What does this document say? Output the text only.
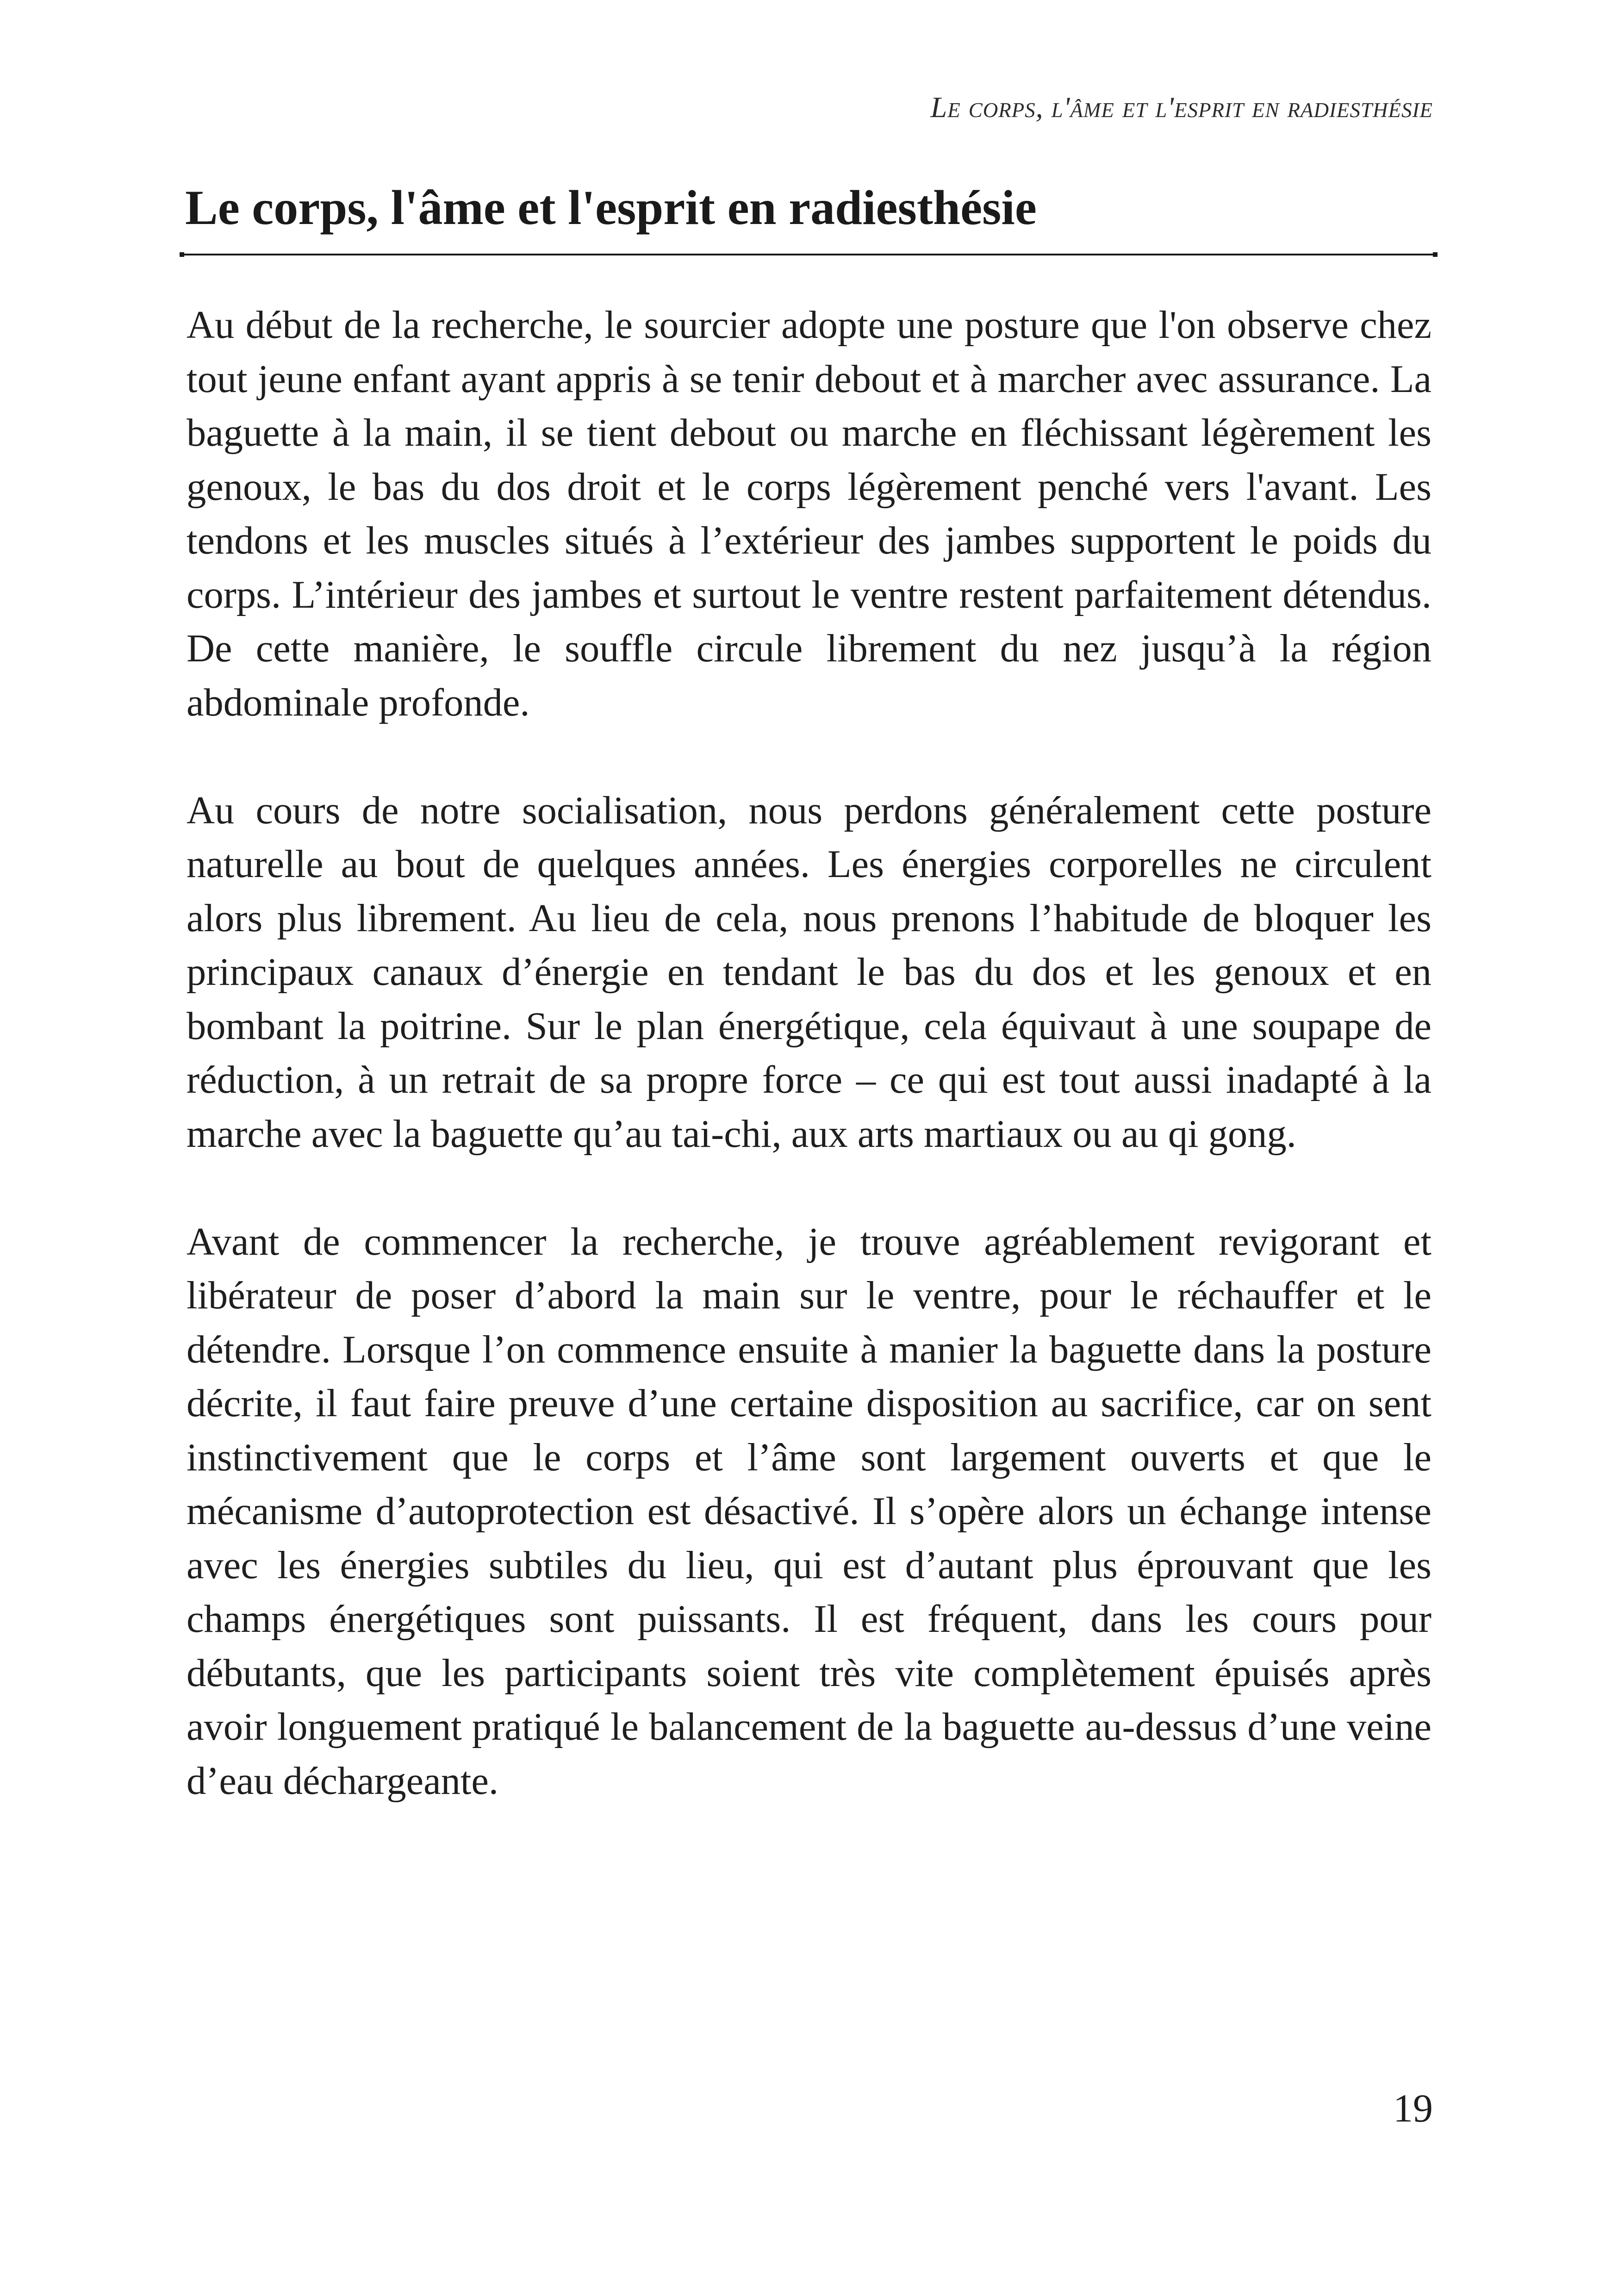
Le corps, l'âme et l'esprit en radiesthésie
Le corps, l'âme et l'esprit en radiesthésie

Au début de la recherche, le sourcier adopte une posture que l'on observe chez tout jeune enfant ayant appris à se tenir debout et à marcher avec assurance. La baguette à la main, il se tient debout ou marche en fléchissant légèrement les genoux, le bas du dos droit et le corps légèrement penché vers l'avant. Les tendons et les muscles situés à l’extérieur des jambes supportent le poids du corps. L’intérieur des jambes et surtout le ventre restent parfaitement détendus. De cette manière, le souffle circule librement du nez jusqu’à la région abdominale profonde.

Au cours de notre socialisation, nous perdons généralement cette posture naturelle au bout de quelques années. Les énergies corporelles ne circulent alors plus librement. Au lieu de cela, nous prenons l’habitude de bloquer les principaux canaux d’énergie en tendant le bas du dos et les genoux et en bombant la poitrine. Sur le plan énergétique, cela équivaut à une soupape de réduction, à un retrait de sa propre force – ce qui est tout aussi inadapté à la marche avec la baguette qu’au tai-chi, aux arts martiaux ou au qi gong.

Avant de commencer la recherche, je trouve agréablement revigorant et libérateur de poser d’abord la main sur le ventre, pour le réchauffer et le détendre. Lorsque l’on commence ensuite à manier la baguette dans la posture décrite, il faut faire preuve d’une certaine disposition au sacrifice, car on sent instinctivement que le corps et l’âme sont largement ouverts et que le mécanisme d’autoprotection est désactivé. Il s’opère alors un échange intense avec les énergies subtiles du lieu, qui est d’autant plus éprouvant que les champs énergétiques sont puissants. Il est fréquent, dans les cours pour débutants, que les participants soient très vite complètement épuisés après avoir longuement pratiqué le balancement de la baguette au-dessus d’une veine d’eau déchargeante.

19
